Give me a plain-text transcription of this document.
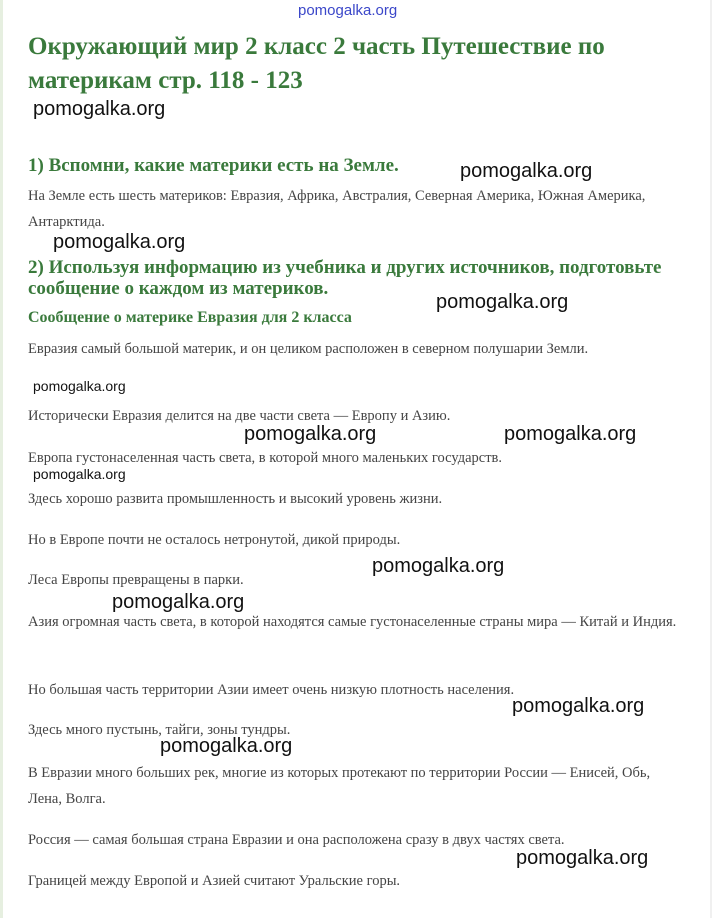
pomogalka.org
Окружающий мир 2 класс 2 часть Путешествие по материкам стр. 118 - 123
1) Вспомни, какие материки есть на Земле.

На Земле есть шесть материков: Евразия, Африка, Австралия, Северная Америка, Южная Америка, Антарктида.

2) Используя информацию из учебника и других источников, подготовьте сообщение о каждом из материков.
Сообщение о материке Евразия для 2 класса

Евразия самый большой материк, и он целиком расположен в северном полушарии Земли.

Исторически Евразия делится на две части света — Европу и Азию.

Европа густонаселенная часть света, в которой много маленьких государств.

Здесь хорошо развита промышленность и высокий уровень жизни.

Но в Европе почти не осталось нетронутой, дикой природы.

Леса Европы превращены в парки.

Азия огромная часть света, в которой находятся самые густонаселенные страны мира — Китай и Индия.

Но большая часть территории Азии имеет очень низкую плотность населения.

Здесь много пустынь, тайги, зоны тундры.

В Евразии много больших рек, многие из которых протекают по территории России — Енисей, Обь, Лена, Волга.

Россия — самая большая страна Евразии и она расположена сразу в двух частях света.

Границей между Европой и Азией считают Уральские горы.

pomogalka.org
pomogalka.org
pomogalka.org
pomogalka.org
pomogalka.org
pomogalka.org	pomogalka.org
pomogalka.org
pomogalka.org
pomogalka.org
pomogalka.org
pomogalka.org
pomogalka.org
